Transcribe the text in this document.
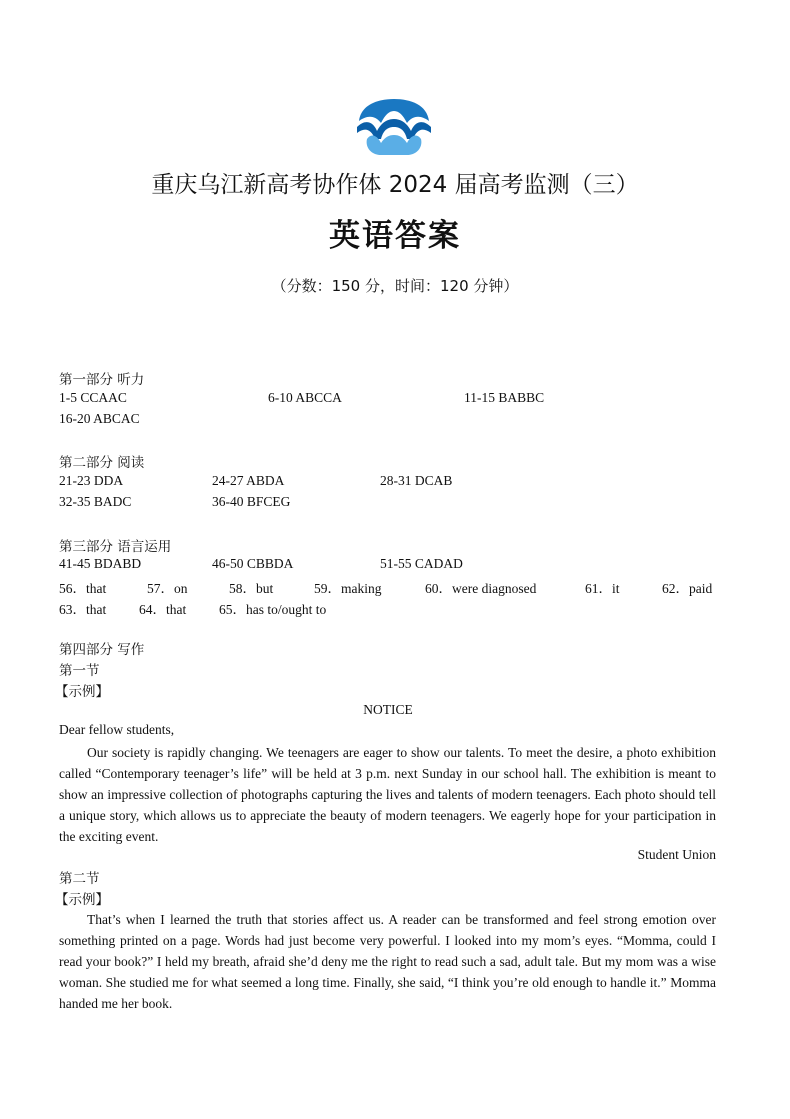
重庆乌江新高考协作体 2024 届高考监测（三）
英语答案
（分数：150 分，时间：120 分钟）
第一部分 听力
1-5 CCAAC	6-10 ABCCA	11-15 BABBC
16-20 ABCAC
第二部分 阅读
21-23 DDA	24-27 ABDA	28-31 DCAB
32-35 BADC	36-40 BFCEG
第三部分 语言运用
41-45 BDABD	46-50 CBBDA	51-55 CADAD
56．that	57．on	58．but	59．making	60．were diagnosed	61．it	62．paid
63．that 64．that 65．has to/ought to
第四部分 写作
第一节
【示例】
NOTICE
Dear fellow students,

Our society is rapidly changing. We teenagers are eager to show our talents. To meet the desire, a photo exhibition called “Contemporary teenager’s life” will be held at 3 p.m. next Sunday in our school hall. The exhibition is meant to show an impressive collection of photographs capturing the lives and talents of modern teenagers. Each photo should tell a unique story, which allows us to appreciate the beauty of modern teenagers. We eagerly hope for your participation in the exciting event.

Student Union
第二节
【示例】

That’s when I learned the truth that stories affect us. A reader can be transformed and feel strong emotion over something printed on a page. Words had just become very powerful. I looked into my mom’s eyes. “Momma, could I read your book?” I held my breath, afraid she’d deny me the right to read such a sad, adult tale. But my mom was a wise woman. She studied me for what seemed a long time. Finally, she said, “I think you’re old enough to handle it.” Momma handed me her book.
